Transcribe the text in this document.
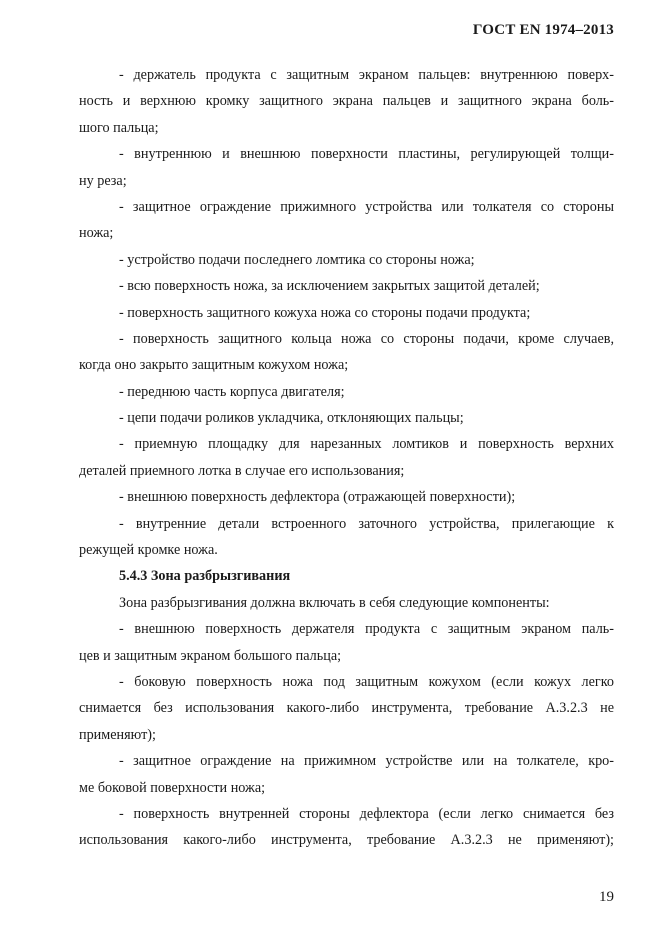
ГОСТ EN 1974–2013
- держатель продукта с защитным экраном пальцев: внутреннюю поверх-
ность и верхнюю кромку защитного экрана пальцев и защитного экрана боль-
шого пальца;
- внутреннюю и внешнюю поверхности пластины, регулирующей толщи-
ну реза;
- защитное ограждение прижимного устройства или толкателя со стороны
ножа;
- устройство подачи последнего ломтика со стороны ножа;
- всю поверхность ножа, за исключением закрытых защитой деталей;
- поверхность защитного кожуха ножа со стороны подачи продукта;
- поверхность защитного кольца ножа со стороны подачи, кроме случаев,
когда оно закрыто защитным кожухом ножа;
- переднюю часть корпуса двигателя;
- цепи подачи роликов укладчика, отклоняющих пальцы;
- приемную площадку для нарезанных ломтиков и поверхность верхних
деталей приемного лотка в случае его использования;
- внешнюю поверхность дефлектора (отражающей поверхности);
- внутренние детали встроенного заточного устройства, прилегающие к
режущей кромке ножа.
5.4.3 Зона разбрызгивания
Зона разбрызгивания должна включать в себя следующие компоненты:
- внешнюю поверхность держателя продукта с защитным экраном паль-
цев и защитным экраном большого пальца;
- боковую поверхность ножа под защитным кожухом (если кожух легко
снимается без использования какого-либо инструмента, требование А.3.2.3 не
применяют);
- защитное ограждение на прижимном устройстве или на толкателе, кро-
ме боковой поверхности ножа;
- поверхность внутренней стороны дефлектора (если легко снимается без
использования какого-либо инструмента, требование А.3.2.3 не применяют);
19
